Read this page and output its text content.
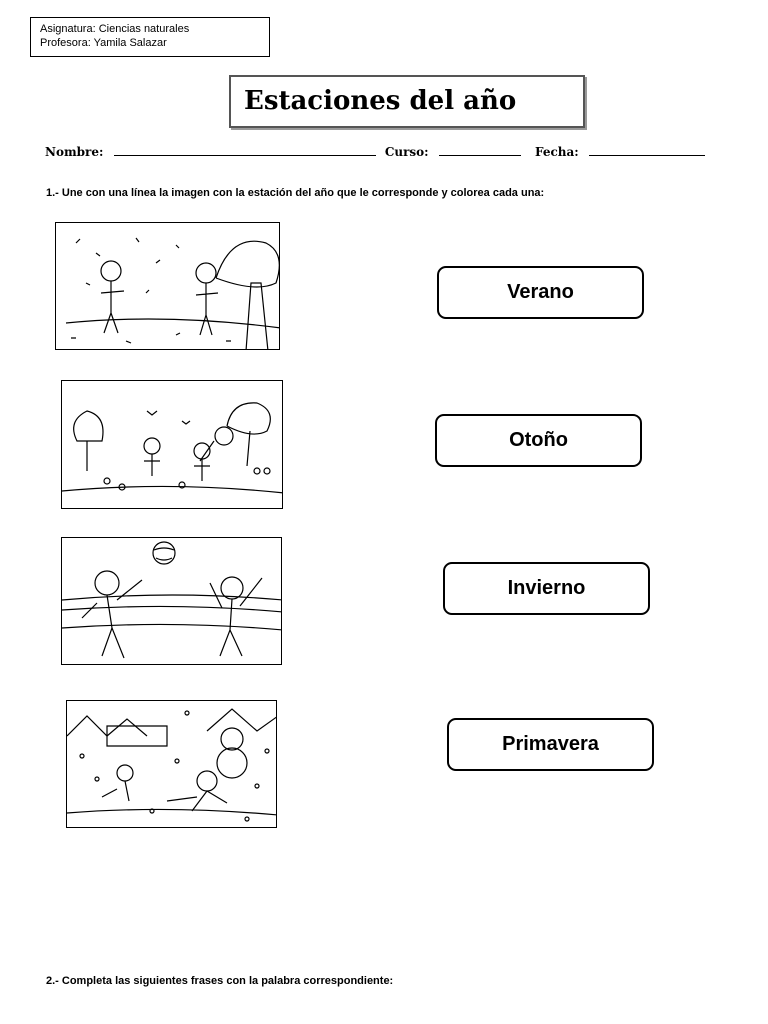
Asignatura: Ciencias naturales
Profesora: Yamila Salazar
Estaciones del año
Nombre:	Curso:	Fecha:
1.- Une con una línea la imagen con la estación del año que le corresponde y colorea cada una:
Verano
Otoño
Invierno
Primavera
2.- Completa las siguientes frases con la palabra correspondiente:
